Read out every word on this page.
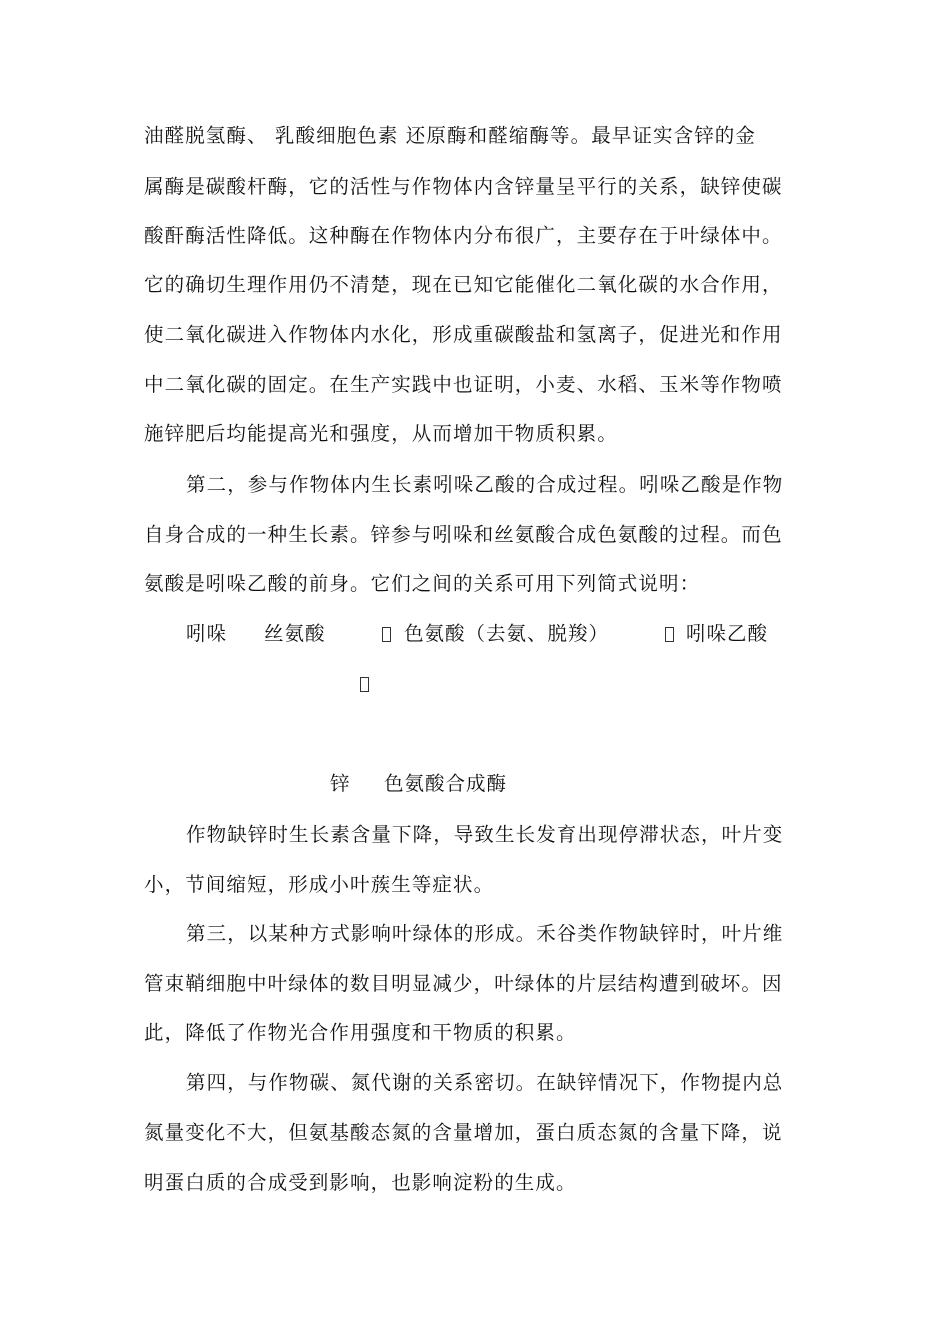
油醛脱氢酶、 乳酸细胞色素 还原酶和醛缩酶等。最早证实含锌的金
属酶是碳酸杆酶，它的活性与作物体内含锌量呈平行的关系，缺锌使碳
酸酐酶活性降低。这种酶在作物体内分布很广，主要存在于叶绿体中。
它的确切生理作用仍不清楚，现在已知它能催化二氧化碳的水合作用，
使二氧化碳进入作物体内水化，形成重碳酸盐和氢离子，促进光和作用
中二氧化碳的固定。在生产实践中也证明，小麦、水稻、玉米等作物喷
施锌肥后均能提高光和强度，从而增加干物质积累。
第二，参与作物体内生长素吲哚乙酸的合成过程。吲哚乙酸是作物
自身合成的一种生长素。锌参与吲哚和丝氨酸合成色氨酸的过程。而色
氨酸是吲哚乙酸的前身。它们之间的关系可用下列简式说明：
吲哚 丝氨酸	色氨酸（去氨、脱羧）	吲哚乙酸
锌 色氨酸合成酶
作物缺锌时生长素含量下降，导致生长发育出现停滞状态，叶片变
小，节间缩短，形成小叶蔟生等症状。
第三，以某种方式影响叶绿体的形成。禾谷类作物缺锌时，叶片维
管束鞘细胞中叶绿体的数目明显减少，叶绿体的片层结构遭到破坏。因
此，降低了作物光合作用强度和干物质的积累。
第四，与作物碳、氮代谢的关系密切。在缺锌情况下，作物提内总
氮量变化不大，但氨基酸态氮的含量增加，蛋白质态氮的含量下降，说
明蛋白质的合成受到影响，也影响淀粉的生成。
